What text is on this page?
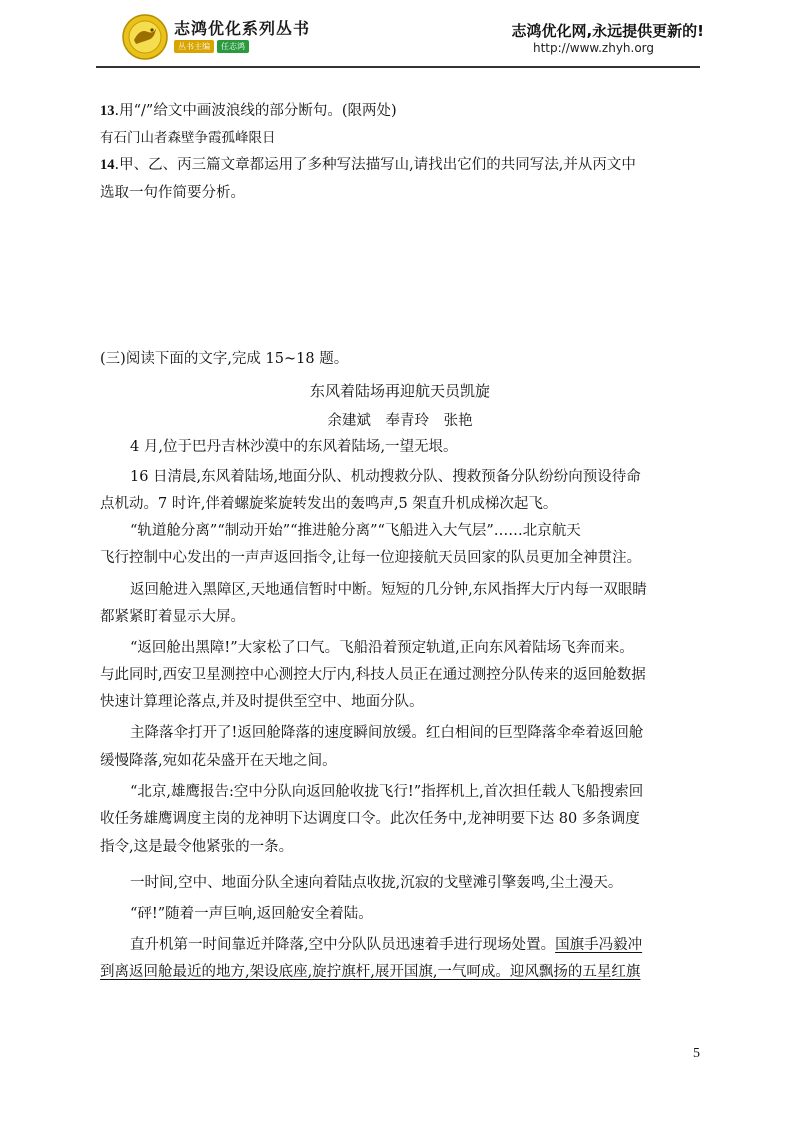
志鸿优化系列丛书
丛书主编	任志鸿
志鸿优化网,永远提供更新的!
http://www.zhyh.org
13.用“/”给文中画波浪线的部分断句。(限两处)
有石门山者森壁争霞孤峰限日
14.甲、乙、丙三篇文章都运用了多种写法描写山,请找出它们的共同写法,并从丙文中
选取一句作简要分析。
(三)阅读下面的文字,完成 15~18 题。
东风着陆场再迎航天员凯旋
余建斌 奉青玲 张艳
4 月,位于巴丹吉林沙漠中的东风着陆场,一望无垠。
16 日清晨,东风着陆场,地面分队、机动搜救分队、搜救预备分队纷纷向预设待命
点机动。7 时许,伴着螺旋桨旋转发出的轰鸣声,5 架直升机成梯次起飞。
“轨道舱分离”“制动开始”“推进舱分离”“飞船进入大气层”……北京航天
飞行控制中心发出的一声声返回指令,让每一位迎接航天员回家的队员更加全神贯注。
返回舱进入黑障区,天地通信暂时中断。短短的几分钟,东风指挥大厅内每一双眼睛
都紧紧盯着显示大屏。
“返回舱出黑障!”大家松了口气。飞船沿着预定轨道,正向东风着陆场飞奔而来。
与此同时,西安卫星测控中心测控大厅内,科技人员正在通过测控分队传来的返回舱数据
快速计算理论落点,并及时提供至空中、地面分队。
主降落伞打开了!返回舱降落的速度瞬间放缓。红白相间的巨型降落伞牵着返回舱
缓慢降落,宛如花朵盛开在天地之间。
“北京,雄鹰报告:空中分队向返回舱收拢飞行!”指挥机上,首次担任载人飞船搜索回
收任务雄鹰调度主岗的龙神明下达调度口令。此次任务中,龙神明要下达 80 多条调度
指令,这是最令他紧张的一条。
一时间,空中、地面分队全速向着陆点收拢,沉寂的戈壁滩引擎轰鸣,尘土漫天。
“砰!”随着一声巨响,返回舱安全着陆。
直升机第一时间靠近并降落,空中分队队员迅速着手进行现场处置。国旗手冯毅冲
到离返回舱最近的地方,架设底座,旋拧旗杆,展开国旗,一气呵成。迎风飘扬的五星红旗
5
